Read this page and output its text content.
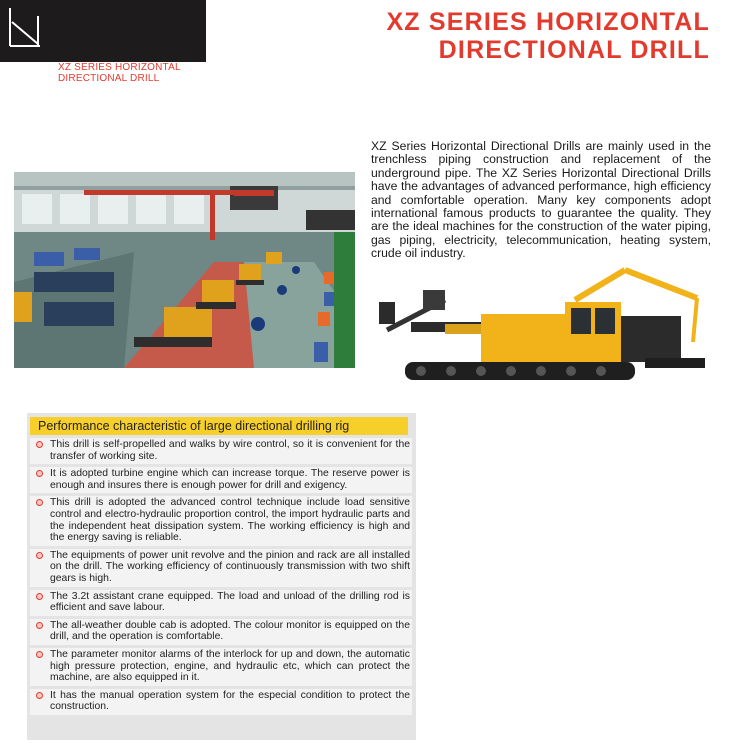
XZ SERIES HORIZONTAL
DIRECTIONAL DRILL
XZ SERIES HORIZONTAL
DIRECTIONAL DRILL
XZ Series Horizontal Directional Drills are mainly used in the trenchless piping construction and replacement of the underground pipe. The XZ Series Horizontal Directional Drills have the advantages of advanced performance, high efficiency and comfortable operation. Many key components adopt international famous products to guarantee the quality. They are the ideal machines for the construction of the water piping, gas piping, electricity, telecommunication, heating system, crude oil industry.
Performance characteristic of large directional drilling rig
This drill is self-propelled and walks by wire control, so it is convenient for the transfer of working site.
It is adopted turbine engine which can increase torque. The reserve power is enough and insures there is enough power for drill and exigency.
This drill is adopted the advanced control technique include load sensitive control and electro-hydraulic proportion control, the import hydraulic parts and the independent heat dissipation system. The working efficiency is high and the energy saving is reliable.
The equipments of power unit revolve and the pinion and rack are all installed on the drill. The working efficiency of continuously transmission with two shift gears is high.
The 3.2t assistant crane equipped. The load and unload of the drilling rod is efficient and save labour.
The all-weather double cab is adopted. The colour monitor is equipped on the drill, and the operation is comfortable.
The parameter monitor alarms of the interlock for up and down, the automatic high pressure protection, engine, and hydraulic etc, which can protect the machine, are also equipped in it.
It has the manual operation system for the especial condition to protect the construction.
